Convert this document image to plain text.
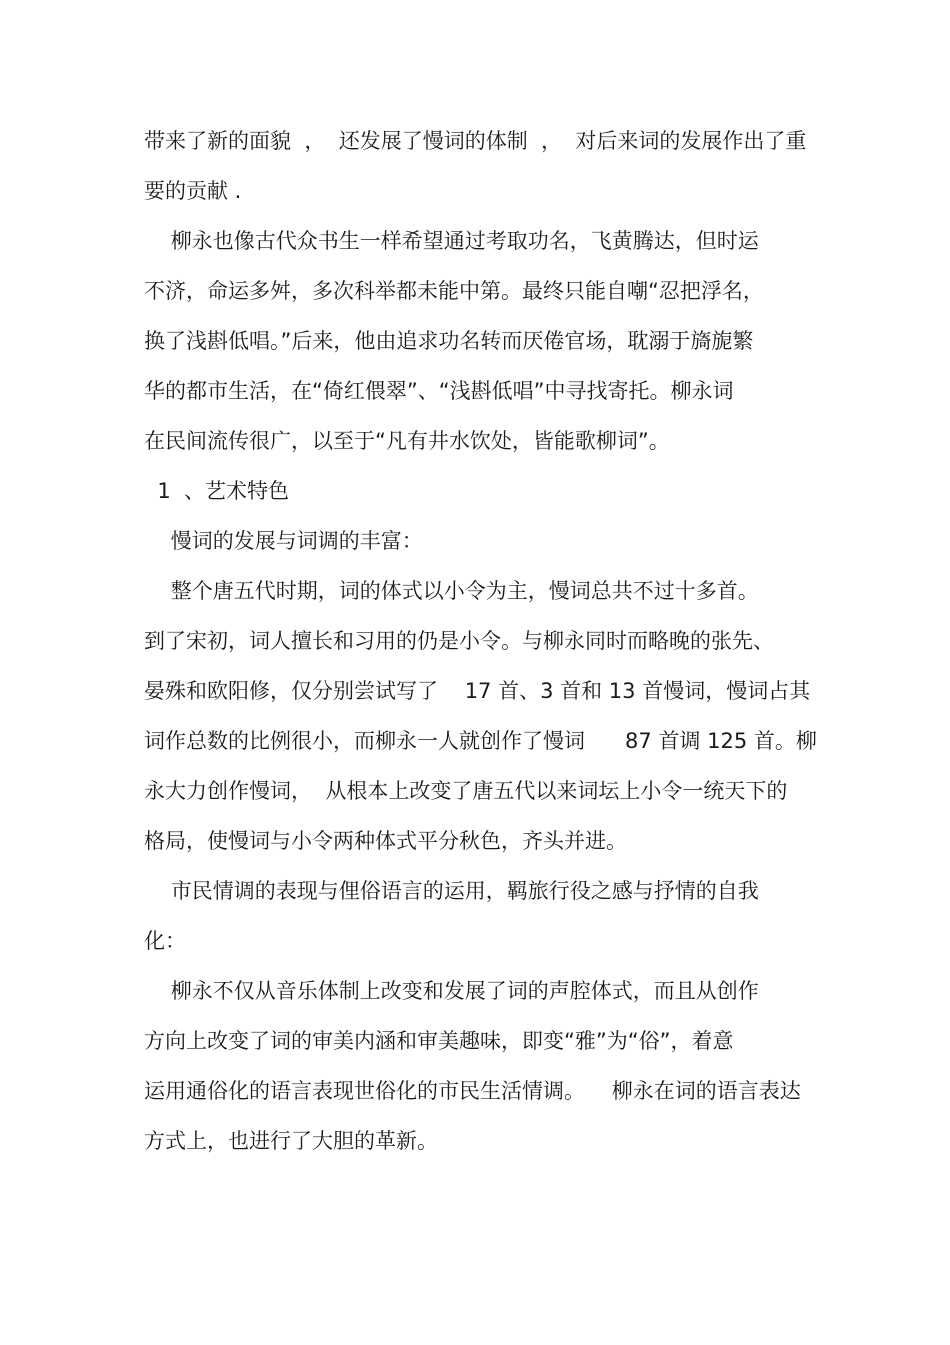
带来了新的面貌  ，  还发展了慢词的体制  ，  对后来词的发展作出了重
要的贡献 .
柳永也像古代众书生一样希望通过考取功名，飞黄腾达，但时运
不济，命运多舛，多次科举都未能中第。最终只能自嘲“忍把浮名，
换了浅斟低唱。”后来，他由追求功名转而厌倦官场，耽溺于旖旎繁
华的都市生活，在“倚红偎翠”、“浅斟低唱”中寻找寄托。柳永词
在民间流传很广，以至于“凡有井水饮处，皆能歌柳词”。
1  、艺术特色
慢词的发展与词调的丰富：
整个唐五代时期，词的体式以小令为主，慢词总共不过十多首。
到了宋初，词人擅长和习用的仍是小令。与柳永同时而略晚的张先、
晏殊和欧阳修，仅分别尝试写了    17 首、3 首和 13 首慢词，慢词占其
词作总数的比例很小，而柳永一人就创作了慢词      87 首调 125 首。柳
永大力创作慢词，  从根本上改变了唐五代以来词坛上小令一统天下的
格局，使慢词与小令两种体式平分秋色，齐头并进。
市民情调的表现与俚俗语言的运用，羁旅行役之感与抒情的自我
化：
柳永不仅从音乐体制上改变和发展了词的声腔体式，而且从创作
方向上改变了词的审美内涵和审美趣味，即变“雅”为“俗”，着意
运用通俗化的语言表现世俗化的市民生活情调。    柳永在词的语言表达
方式上，也进行了大胆的革新。
